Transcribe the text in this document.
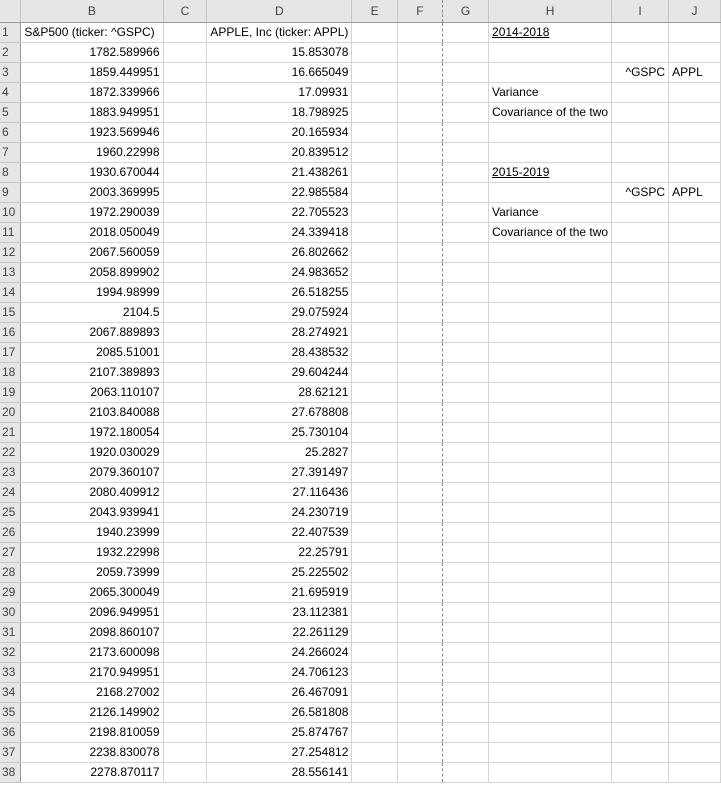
	B	C	D	E	F	G	H	I	J
1	S&P500 (ticker: ^GSPC)		APPLE, Inc (ticker: APPL)				2014-2018		
2	1782.589966		15.853078						
3	1859.449951		16.665049					^GSPC	APPL
4	1872.339966		17.09931				Variance		
5	1883.949951		18.798925				Covariance of the two		
6	1923.569946		20.165934						
7	1960.22998		20.839512						
8	1930.670044		21.438261				2015-2019		
9	2003.369995		22.985584					^GSPC	APPL
10	1972.290039		22.705523				Variance		
11	2018.050049		24.339418				Covariance of the two		
12	2067.560059		26.802662						
13	2058.899902		24.983652						
14	1994.98999		26.518255						
15	2104.5		29.075924						
16	2067.889893		28.274921						
17	2085.51001		28.438532						
18	2107.389893		29.604244						
19	2063.110107		28.62121						
20	2103.840088		27.678808						
21	1972.180054		25.730104						
22	1920.030029		25.2827						
23	2079.360107		27.391497						
24	2080.409912		27.116436						
25	2043.939941		24.230719						
26	1940.23999		22.407539						
27	1932.22998		22.25791						
28	2059.73999		25.225502						
29	2065.300049		21.695919						
30	2096.949951		23.112381						
31	2098.860107		22.261129						
32	2173.600098		24.266024						
33	2170.949951		24.706123						
34	2168.27002		26.467091						
35	2126.149902		26.581808						
36	2198.810059		25.874767						
37	2238.830078		27.254812						
38	2278.870117		28.556141						
